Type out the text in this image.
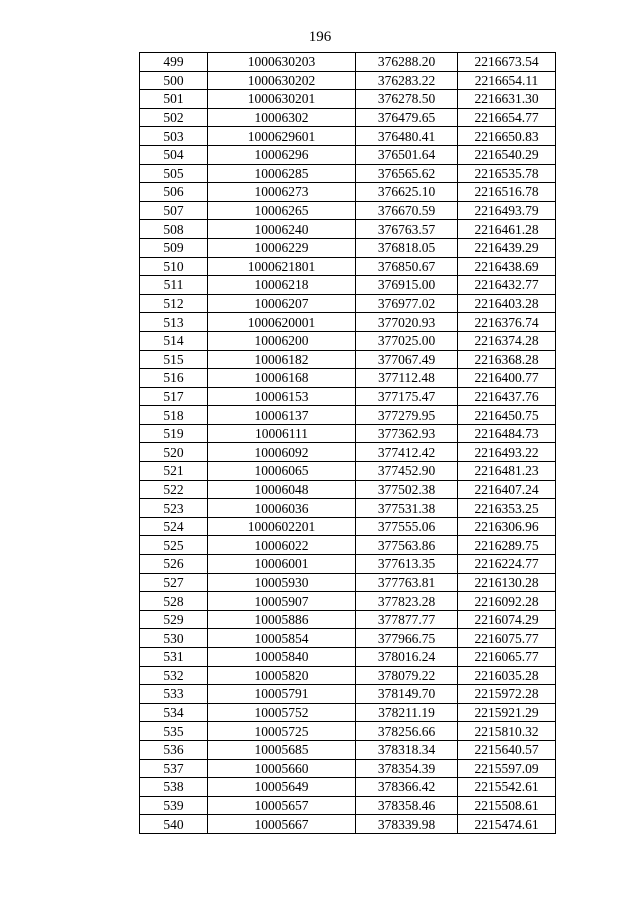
196
499	1000630203	376288.20	2216673.54
500	1000630202	376283.22	2216654.11
501	1000630201	376278.50	2216631.30
502	10006302	376479.65	2216654.77
503	1000629601	376480.41	2216650.83
504	10006296	376501.64	2216540.29
505	10006285	376565.62	2216535.78
506	10006273	376625.10	2216516.78
507	10006265	376670.59	2216493.79
508	10006240	376763.57	2216461.28
509	10006229	376818.05	2216439.29
510	1000621801	376850.67	2216438.69
511	10006218	376915.00	2216432.77
512	10006207	376977.02	2216403.28
513	1000620001	377020.93	2216376.74
514	10006200	377025.00	2216374.28
515	10006182	377067.49	2216368.28
516	10006168	377112.48	2216400.77
517	10006153	377175.47	2216437.76
518	10006137	377279.95	2216450.75
519	10006111	377362.93	2216484.73
520	10006092	377412.42	2216493.22
521	10006065	377452.90	2216481.23
522	10006048	377502.38	2216407.24
523	10006036	377531.38	2216353.25
524	1000602201	377555.06	2216306.96
525	10006022	377563.86	2216289.75
526	10006001	377613.35	2216224.77
527	10005930	377763.81	2216130.28
528	10005907	377823.28	2216092.28
529	10005886	377877.77	2216074.29
530	10005854	377966.75	2216075.77
531	10005840	378016.24	2216065.77
532	10005820	378079.22	2216035.28
533	10005791	378149.70	2215972.28
534	10005752	378211.19	2215921.29
535	10005725	378256.66	2215810.32
536	10005685	378318.34	2215640.57
537	10005660	378354.39	2215597.09
538	10005649	378366.42	2215542.61
539	10005657	378358.46	2215508.61
540	10005667	378339.98	2215474.61
